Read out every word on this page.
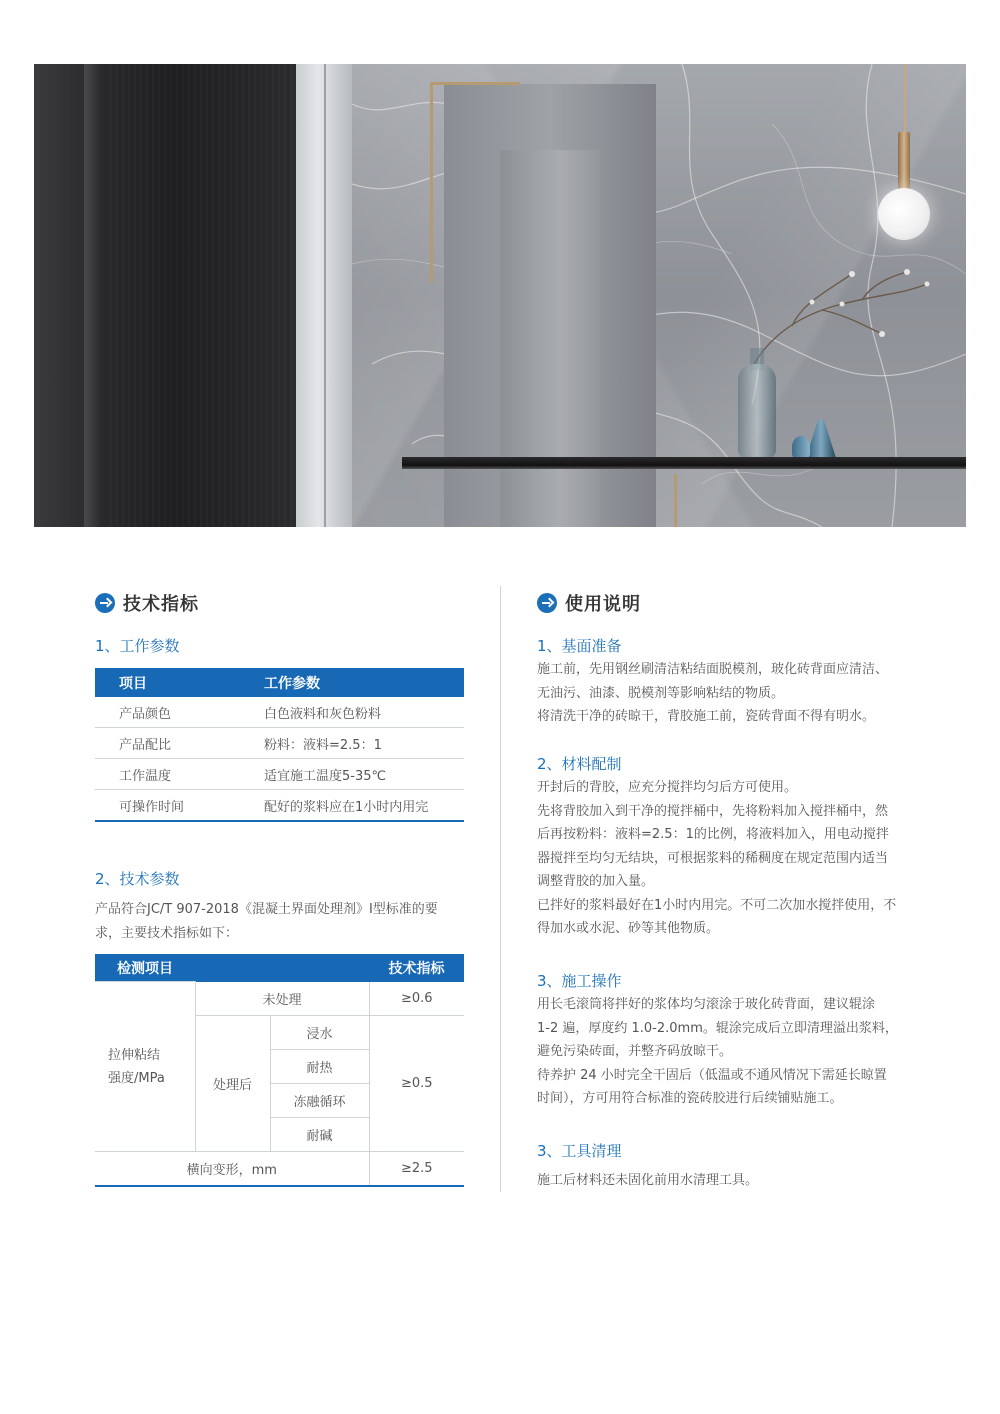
技术指标

1、工作参数

项目	工作参数
产品颜色	白色液料和灰色粉料
产品配比	粉料：液料=2.5：1
工作温度	适宜施工温度5-35℃
可操作时间	配好的浆料应在1小时内用完

2、技术参数

产品符合JC/T 907-2018《混凝土界面处理剂》I型标准的要

求，主要技术指标如下：

检测项目			技术指标

拉伸粘结
强度/MPa	未处理		≥0.6
	处理后	浸水	≥0.5
		耐热	
		冻融循环	
		耐碱	
横向变形，mm			≥2.5
使用说明

1、基面准备

施工前，先用钢丝刷清洁粘结面脱模剂，玻化砖背面应清洁、

无油污、油漆、脱模剂等影响粘结的物质。

将清洗干净的砖晾干，背胶施工前，瓷砖背面不得有明水。

2、材料配制

开封后的背胶，应充分搅拌均匀后方可使用。

先将背胶加入到干净的搅拌桶中，先将粉料加入搅拌桶中，然

后再按粉料：液料=2.5：1的比例，将液料加入，用电动搅拌

器搅拌至均匀无结块，可根据浆料的稀稠度在规定范围内适当

调整背胶的加入量。

已拌好的浆料最好在1小时内用完。不可二次加水搅拌使用，不

得加水或水泥、砂等其他物质。

3、施工操作

用长毛滚筒将拌好的浆体均匀滚涂于玻化砖背面，建议辊涂

1-2 遍，厚度约 1.0-2.0mm。辊涂完成后立即清理溢出浆料，

避免污染砖面，并整齐码放晾干。

待养护 24 小时完全干固后（低温或不通风情况下需延长晾置

时间），方可用符合标准的瓷砖胶进行后续铺贴施工。

3、工具清理

施工后材料还未固化前用水清理工具。
